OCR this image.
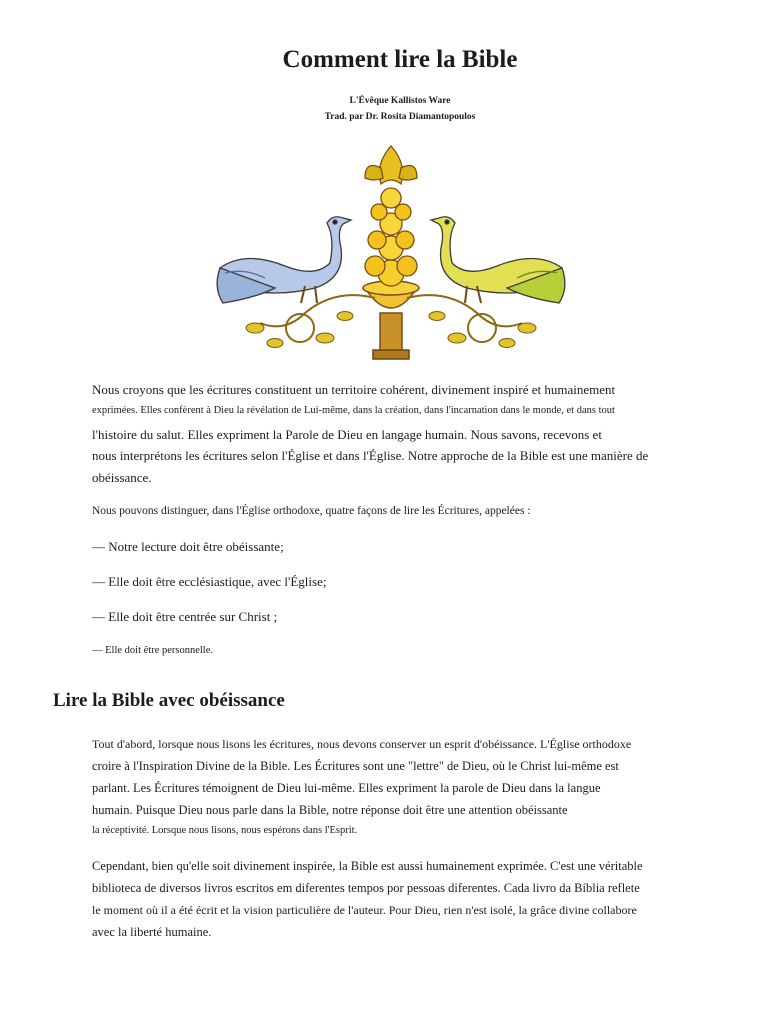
Comment lire la Bible
L'Évêque Kallistos Ware
Trad. par Dr. Rosita Diamantopoulos

Nous croyons que les écritures constituent un territoire cohérent, divinement inspiré et humainement

exprimées. Elles confèrent à Dieu la révélation de Lui-même, dans la création, dans l'incarnation dans le monde, et dans tout

l'histoire du salut. Elles expriment la Parole de Dieu en langage humain. Nous savons, recevons et

nous interprétons les écritures selon l'Église et dans l'Église. Notre approche de la Bible est une manière de

obéissance.

Nous pouvons distinguer, dans l'Église orthodoxe, quatre façons de lire les Écritures, appelées :

— Notre lecture doit être obéissante;
— Elle doit être ecclésiastique, avec l'Église;
— Elle doit être centrée sur Christ ;
— Elle doit être personnelle.
Lire la Bible avec obéissance

Tout d'abord, lorsque nous lisons les écritures, nous devons conserver un esprit d'obéissance. L'Église orthodoxe

croire à l'Inspiration Divine de la Bible. Les Écritures sont une "lettre" de Dieu, où le Christ lui-même est

parlant. Les Écritures témoignent de Dieu lui-même. Elles expriment la parole de Dieu dans la langue

humain. Puisque Dieu nous parle dans la Bible, notre réponse doit être une attention obéissante

la réceptivité. Lorsque nous lisons, nous espérons dans l'Esprit.

Cependant, bien qu'elle soit divinement inspirée, la Bible est aussi humainement exprimée. C'est une véritable

biblioteca de diversos livros escritos em diferentes tempos por pessoas diferentes. Cada livro da Bíblia reflete

le moment où il a été écrit et la vision particulière de l'auteur. Pour Dieu, rien n'est isolé, la grâce divine collabore

avec la liberté humaine.
